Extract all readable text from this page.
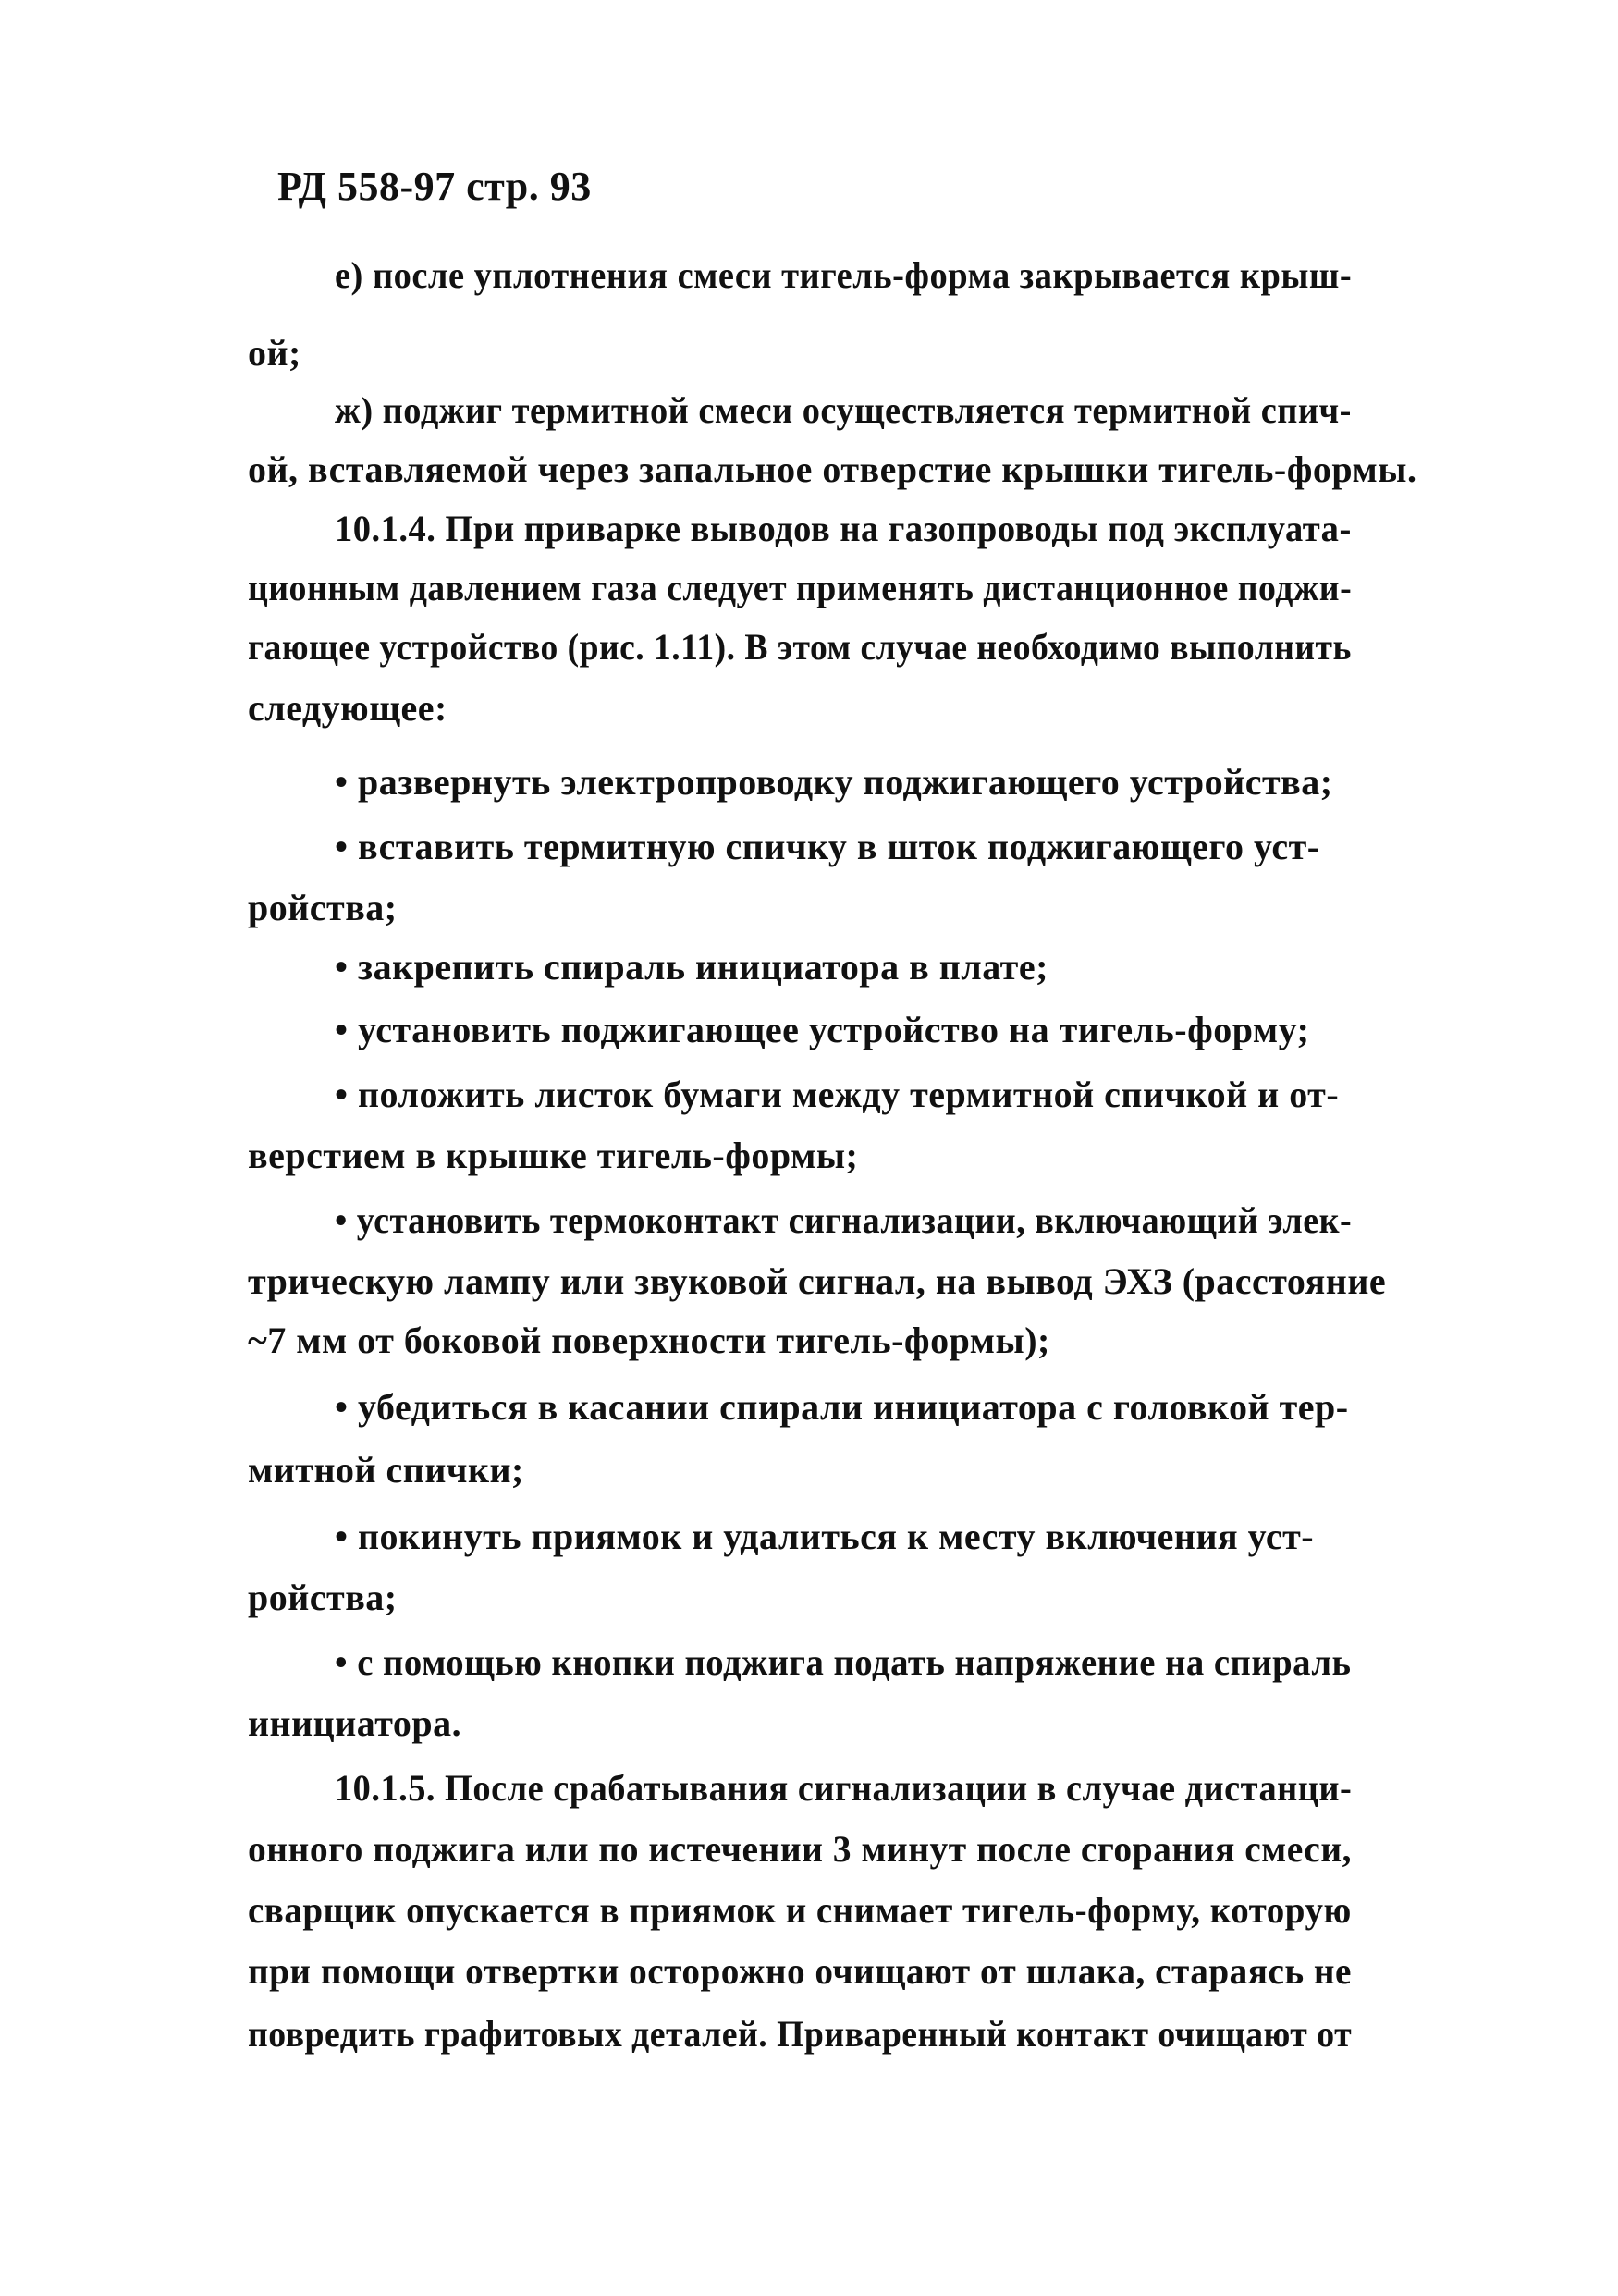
РД 558-97 стр. 93
е) после уплотнения смеси тигель-форма закрывается крыш-
ой;
ж) поджиг термитной смеси осуществляется термитной спич-
ой, вставляемой через запальное отверстие крышки тигель-формы.
10.1.4. При приварке выводов на газопроводы под эксплуата-
ционным давлением газа следует применять дистанционное поджи-
гающее устройство (рис. 1.11). В этом случае необходимо выполнить
следующее:
• развернуть электропроводку поджигающего устройства;
• вставить термитную спичку в шток поджигающего уст-
ройства;
• закрепить спираль инициатора в плате;
• установить поджигающее устройство на тигель-форму;
• положить листок бумаги между термитной спичкой и от-
верстием в крышке тигель-формы;
• установить термоконтакт сигнализации, включающий элек-
трическую лампу или звуковой сигнал, на вывод ЭХЗ (расстояние
~7 мм от боковой поверхности тигель-формы);
• убедиться в касании спирали инициатора с головкой тер-
митной спички;
• покинуть приямок и удалиться к месту включения уст-
ройства;
• с помощью кнопки поджига подать напряжение на спираль
инициатора.
10.1.5. После срабатывания сигнализации в случае дистанци-
онного поджига или по истечении 3 минут после сгорания смеси,
сварщик опускается в приямок и снимает тигель-форму, которую
при помощи отвертки осторожно очищают от шлака, стараясь не
повредить графитовых деталей. Приваренный контакт очищают от
